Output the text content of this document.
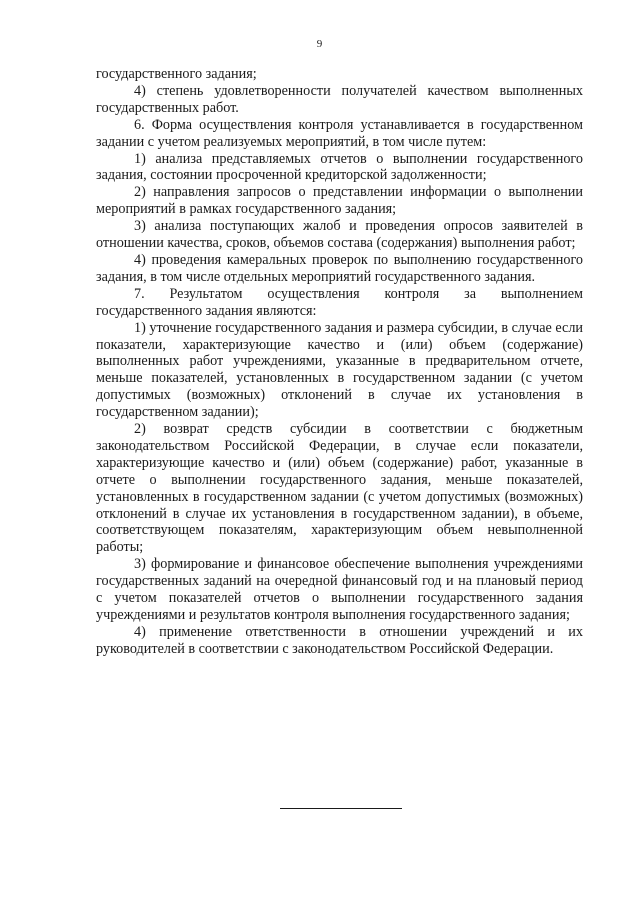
9

государственного задания;

4) степень удовлетворенности получателей качеством выполненных государственных работ.

6. Форма осуществления контроля устанавливается в государственном задании с учетом реализуемых мероприятий, в том числе путем:

1) анализа представляемых отчетов о выполнении государственного задания, состоянии просроченной кредиторской задолженности;

2) направления запросов о представлении информации о выполнении мероприятий в рамках государственного задания;

3) анализа поступающих жалоб и проведения опросов заявителей в отношении качества, сроков, объемов состава (содержания) выполнения работ;

4) проведения камеральных проверок по выполнению государственного задания, в том числе отдельных мероприятий государственного задания.

7. Результатом осуществления контроля за выполнением государственного задания являются:

1) уточнение государственного задания и размера субсидии, в случае если показатели, характеризующие качество и (или) объем (содержание) выполненных работ учреждениями, указанные в предварительном отчете, меньше показателей, установленных в государственном задании (с учетом допустимых (возможных) отклонений в случае их установления в государственном задании);

2) возврат средств субсидии в соответствии с бюджетным законодательством Российской Федерации, в случае если показатели, характеризующие качество и (или) объем (содержание) работ, указанные в отчете о выполнении государственного задания, меньше показателей, установленных в государственном задании (с учетом допустимых (возможных) отклонений в случае их установления в государственном задании), в объеме, соответствующем показателям, характеризующим объем невыполненной работы;

3) формирование и финансовое обеспечение выполнения учреждениями государственных заданий на очередной финансовый год и на плановый период с учетом показателей отчетов о выполнении государственного задания учреждениями и результатов контроля выполнения государственного задания;

4) применение ответственности в отношении учреждений и их руководителей в соответствии с законодательством Российской Федерации.
